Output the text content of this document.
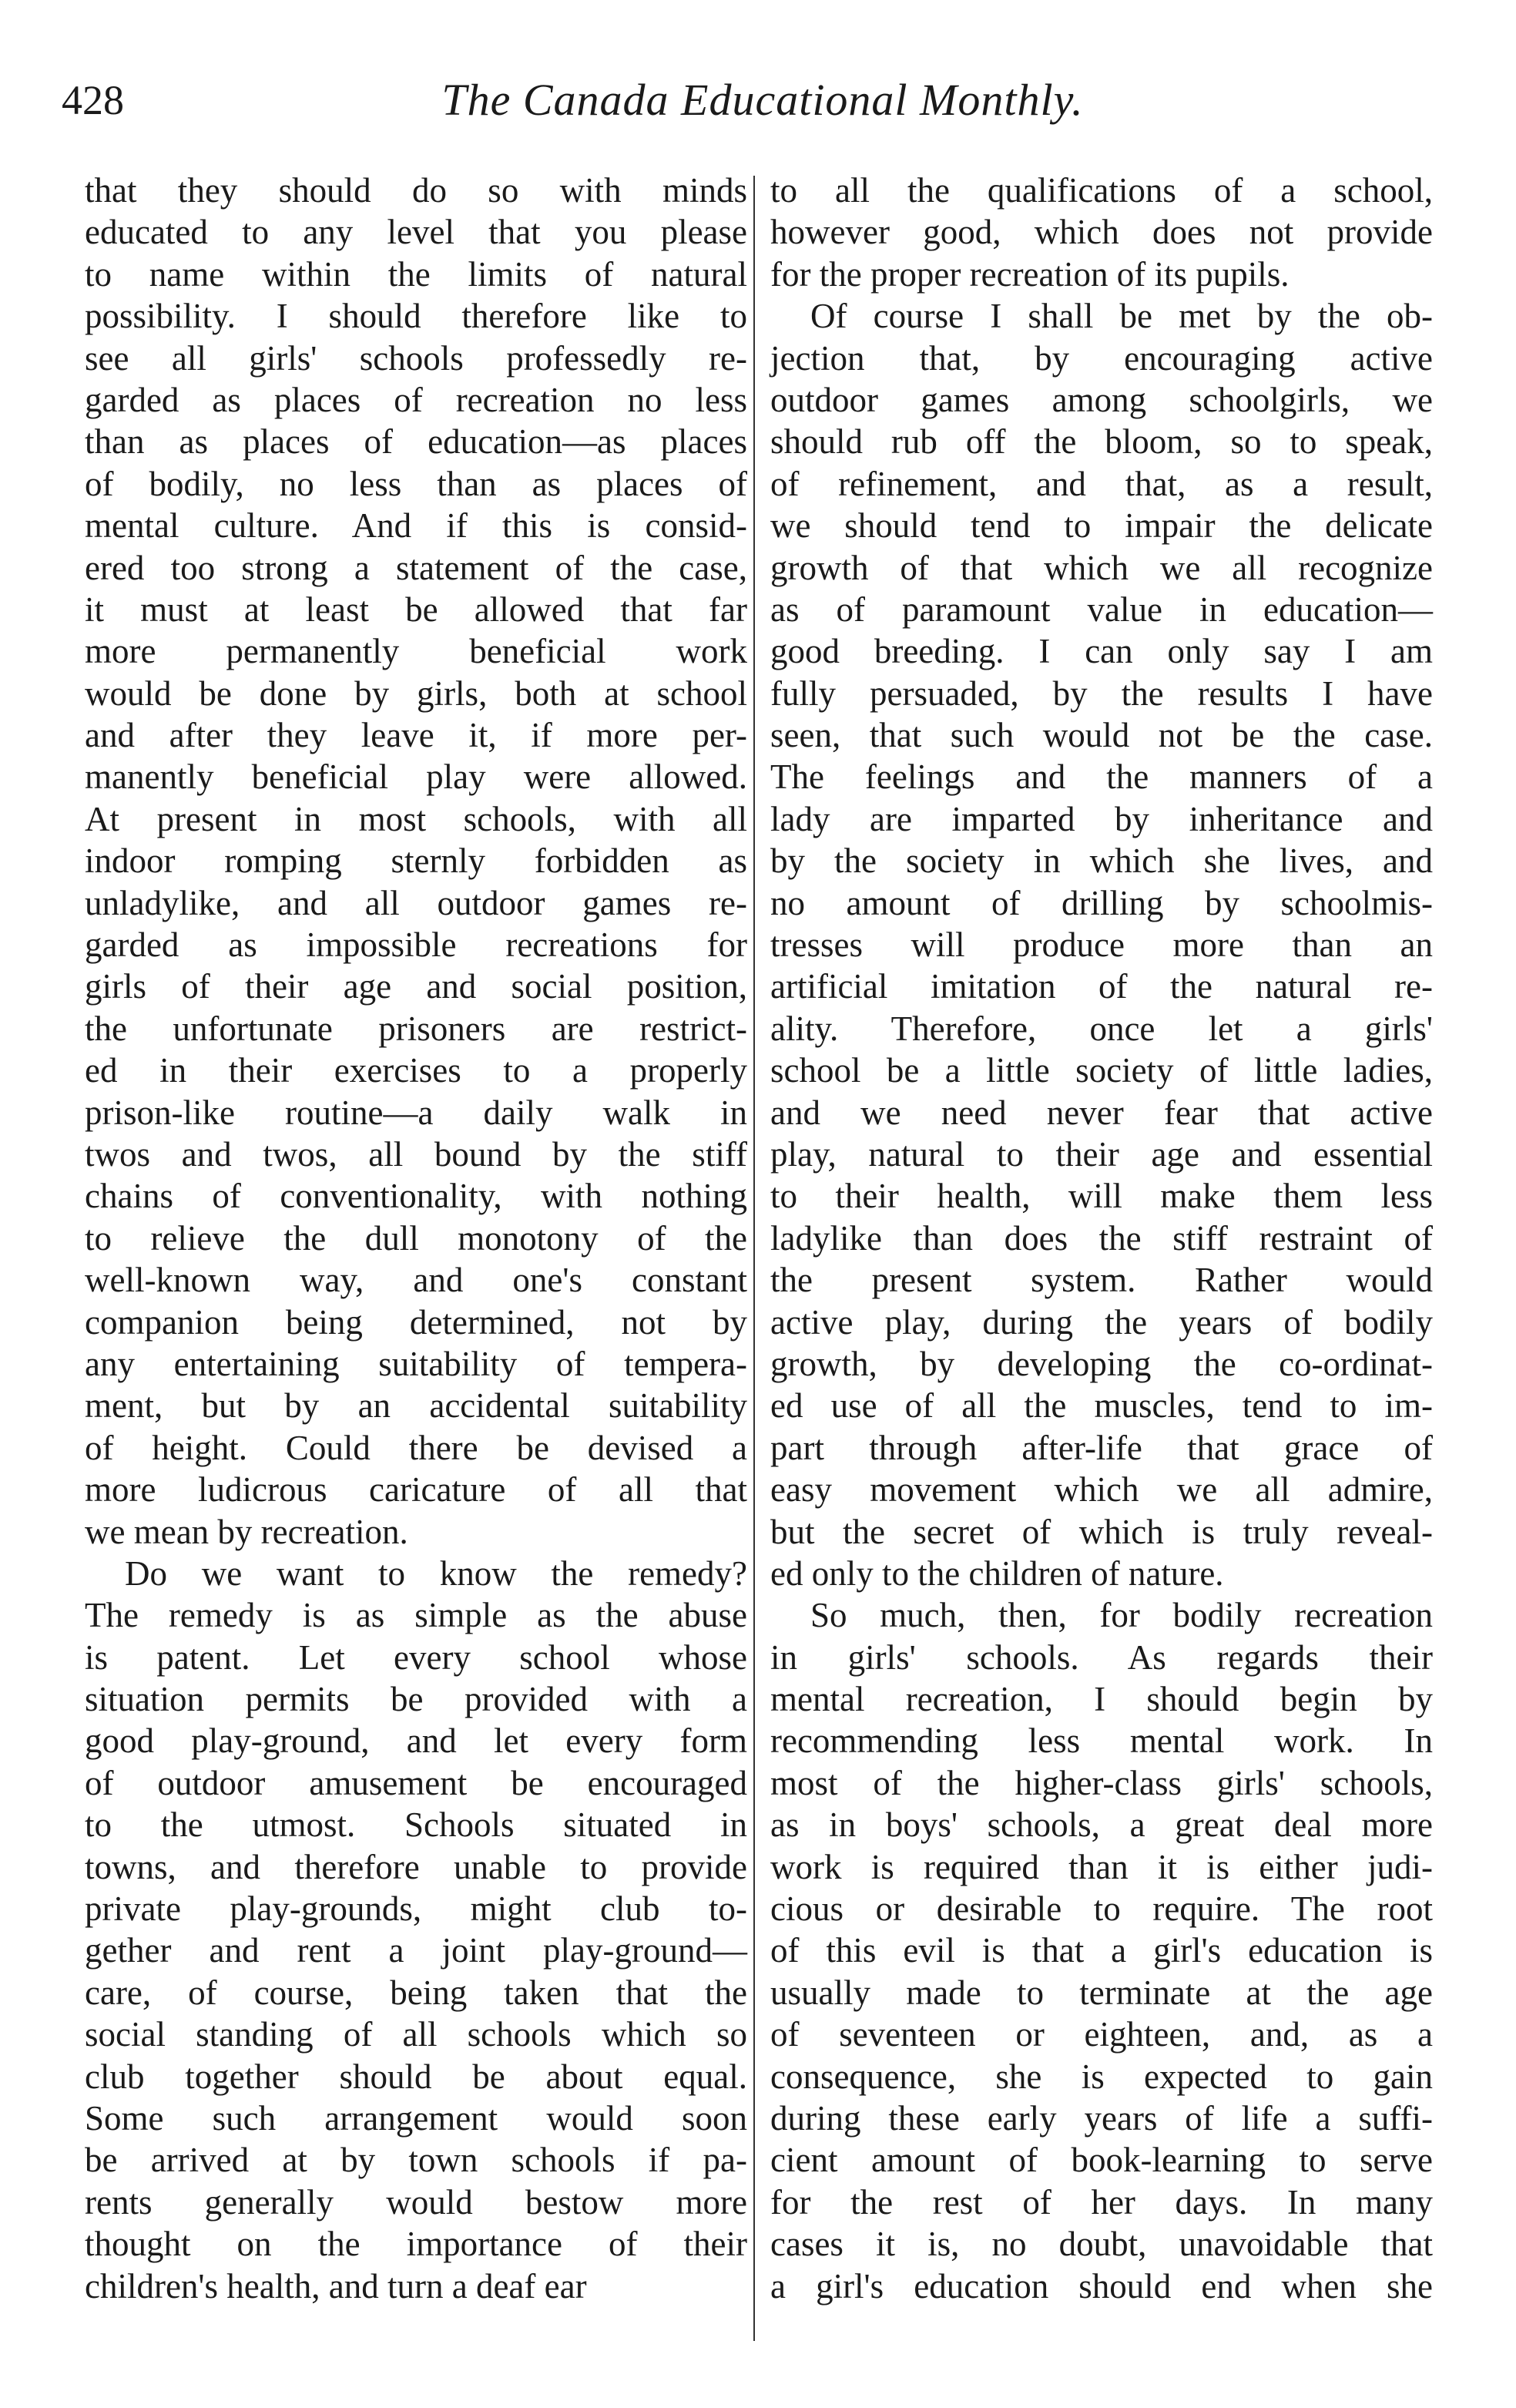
428	The Canada Educational Monthly.
that they should do so with minds
educated to any level that you please
to name within the limits of natural
possibility. I should therefore like to
see all girls' schools professedly re-
garded as places of recreation no less
than as places of education—as places
of bodily, no less than as places of
mental culture. And if this is consid-
ered too strong a statement of the case,
it must at least be allowed that far
more permanently beneficial work
would be done by girls, both at school
and after they leave it, if more per-
manently beneficial play were allowed.
At present in most schools, with all
indoor romping sternly forbidden as
unladylike, and all outdoor games re-
garded as impossible recreations for
girls of their age and social position,
the unfortunate prisoners are restrict-
ed in their exercises to a properly
prison-like routine—a daily walk in
twos and twos, all bound by the stiff
chains of conventionality, with nothing
to relieve the dull monotony of the
well-known way, and one's constant
companion being determined, not by
any entertaining suitability of tempera-
ment, but by an accidental suitability
of height. Could there be devised a
more ludicrous caricature of all that
we mean by recreation.
Do we want to know the remedy?
The remedy is as simple as the abuse
is patent. Let every school whose
situation permits be provided with a
good play-ground, and let every form
of outdoor amusement be encouraged
to the utmost. Schools situated in
towns, and therefore unable to provide
private play-grounds, might club to-
gether and rent a joint play-ground—
care, of course, being taken that the
social standing of all schools which so
club together should be about equal.
Some such arrangement would soon
be arrived at by town schools if pa-
rents generally would bestow more
thought on the importance of their
children's health, and turn a deaf ear
to all the qualifications of a school,
however good, which does not provide
for the proper recreation of its pupils.
Of course I shall be met by the ob-
jection that, by encouraging active
outdoor games among schoolgirls, we
should rub off the bloom, so to speak,
of refinement, and that, as a result,
we should tend to impair the delicate
growth of that which we all recognize
as of paramount value in education—
good breeding. I can only say I am
fully persuaded, by the results I have
seen, that such would not be the case.
The feelings and the manners of a
lady are imparted by inheritance and
by the society in which she lives, and
no amount of drilling by schoolmis-
tresses will produce more than an
artificial imitation of the natural re-
ality. Therefore, once let a girls'
school be a little society of little ladies,
and we need never fear that active
play, natural to their age and essential
to their health, will make them less
ladylike than does the stiff restraint of
the present system. Rather would
active play, during the years of bodily
growth, by developing the co-ordinat-
ed use of all the muscles, tend to im-
part through after-life that grace of
easy movement which we all admire,
but the secret of which is truly reveal-
ed only to the children of nature.
So much, then, for bodily recreation
in girls' schools. As regards their
mental recreation, I should begin by
recommending less mental work. In
most of the higher-class girls' schools,
as in boys' schools, a great deal more
work is required than it is either judi-
cious or desirable to require. The root
of this evil is that a girl's education is
usually made to terminate at the age
of seventeen or eighteen, and, as a
consequence, she is expected to gain
during these early years of life a suffi-
cient amount of book-learning to serve
for the rest of her days. In many
cases it is, no doubt, unavoidable that
a girl's education should end when she
